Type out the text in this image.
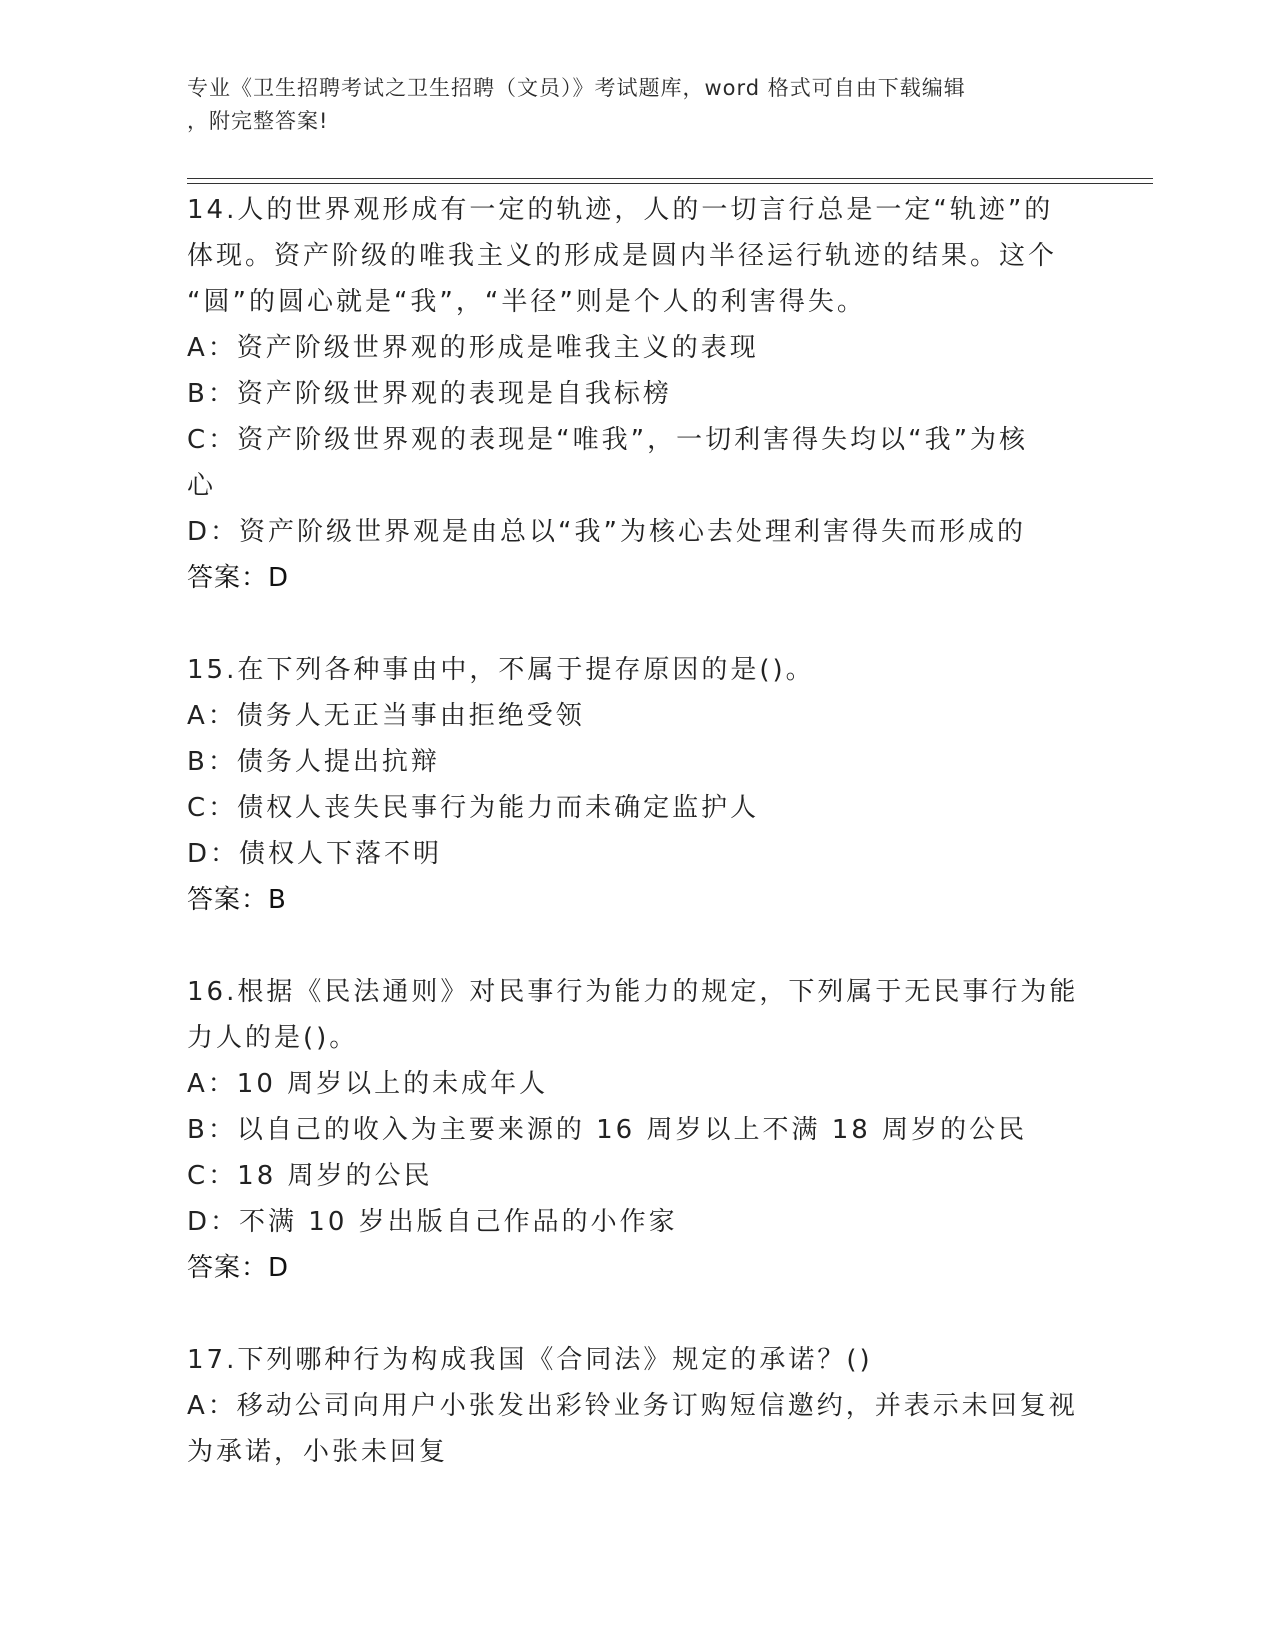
专业《卫生招聘考试之卫生招聘（文员）》考试题库，word 格式可自由下载编辑
，附完整答案!
14.人的世界观形成有一定的轨迹，人的一切言行总是一定“轨迹”的
体现。资产阶级的唯我主义的形成是圆内半径运行轨迹的结果。这个
“圆”的圆心就是“我”，“半径”则是个人的利害得失。
A：资产阶级世界观的形成是唯我主义的表现
B：资产阶级世界观的表现是自我标榜
C：资产阶级世界观的表现是“唯我”，一切利害得失均以“我”为核
心
D：资产阶级世界观是由总以“我”为核心去处理利害得失而形成的
答案：D
15.在下列各种事由中，不属于提存原因的是()。
A：债务人无正当事由拒绝受领
B：债务人提出抗辩
C：债权人丧失民事行为能力而未确定监护人
D：债权人下落不明
答案：B
16.根据《民法通则》对民事行为能力的规定，下列属于无民事行为能
力人的是()。
A：10 周岁以上的未成年人
B：以自己的收入为主要来源的 16 周岁以上不满 18 周岁的公民
C：18 周岁的公民
D：不满 10 岁出版自己作品的小作家
答案：D
17.下列哪种行为构成我国《合同法》规定的承诺？()
A：移动公司向用户小张发出彩铃业务订购短信邀约，并表示未回复视
为承诺，小张未回复
